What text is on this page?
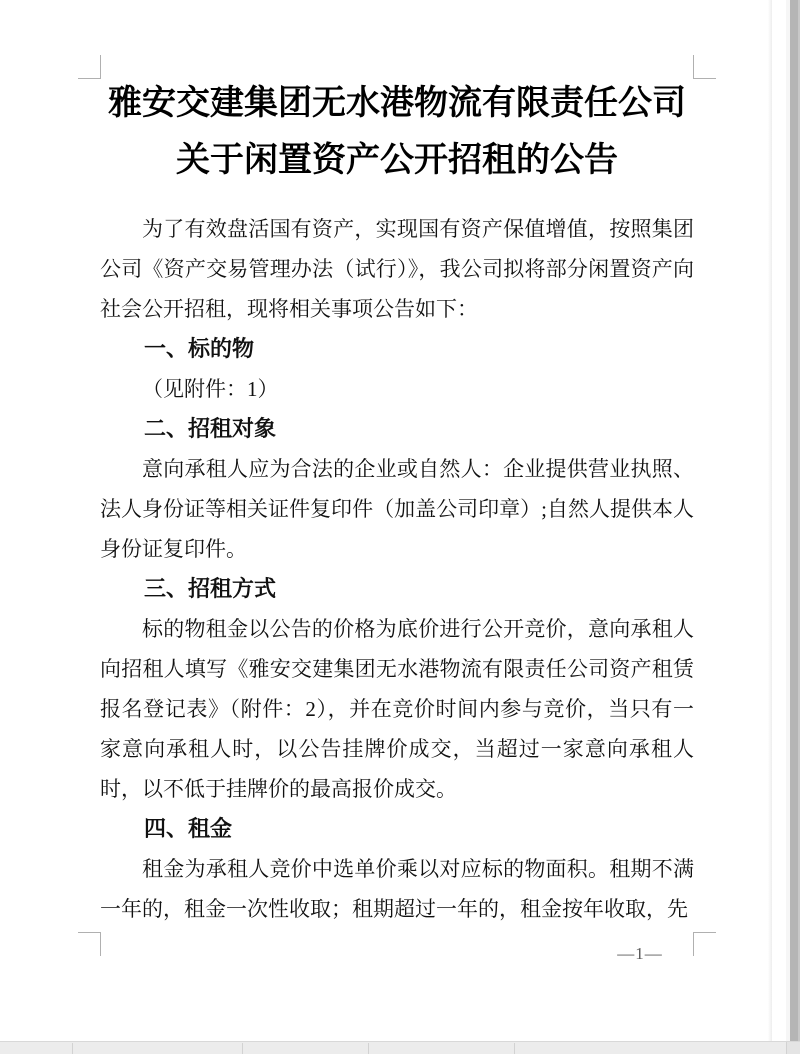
雅安交建集团无水港物流有限责任公司
关于闲置资产公开招租的公告

为了有效盘活国有资产，实现国有资产保值增值，按照集团公司《资产交易管理办法（试行）》，我公司拟将部分闲置资产向社会公开招租，现将相关事项公告如下：

一、标的物

（见附件：1）

二、招租对象

意向承租人应为合法的企业或自然人：企业提供营业执照、法人身份证等相关证件复印件（加盖公司印章）;自然人提供本人身份证复印件。

三、招租方式

标的物租金以公告的价格为底价进行公开竞价，意向承租人向招租人填写《雅安交建集团无水港物流有限责任公司资产租赁报名登记表》（附件：2），并在竞价时间内参与竞价，当只有一家意向承租人时，以公告挂牌价成交，当超过一家意向承租人时，以不低于挂牌价的最高报价成交。

四、租金

租金为承租人竞价中选单价乘以对应标的物面积。租期不满一年的，租金一次性收取；租期超过一年的，租金按年收取，先

—1—
